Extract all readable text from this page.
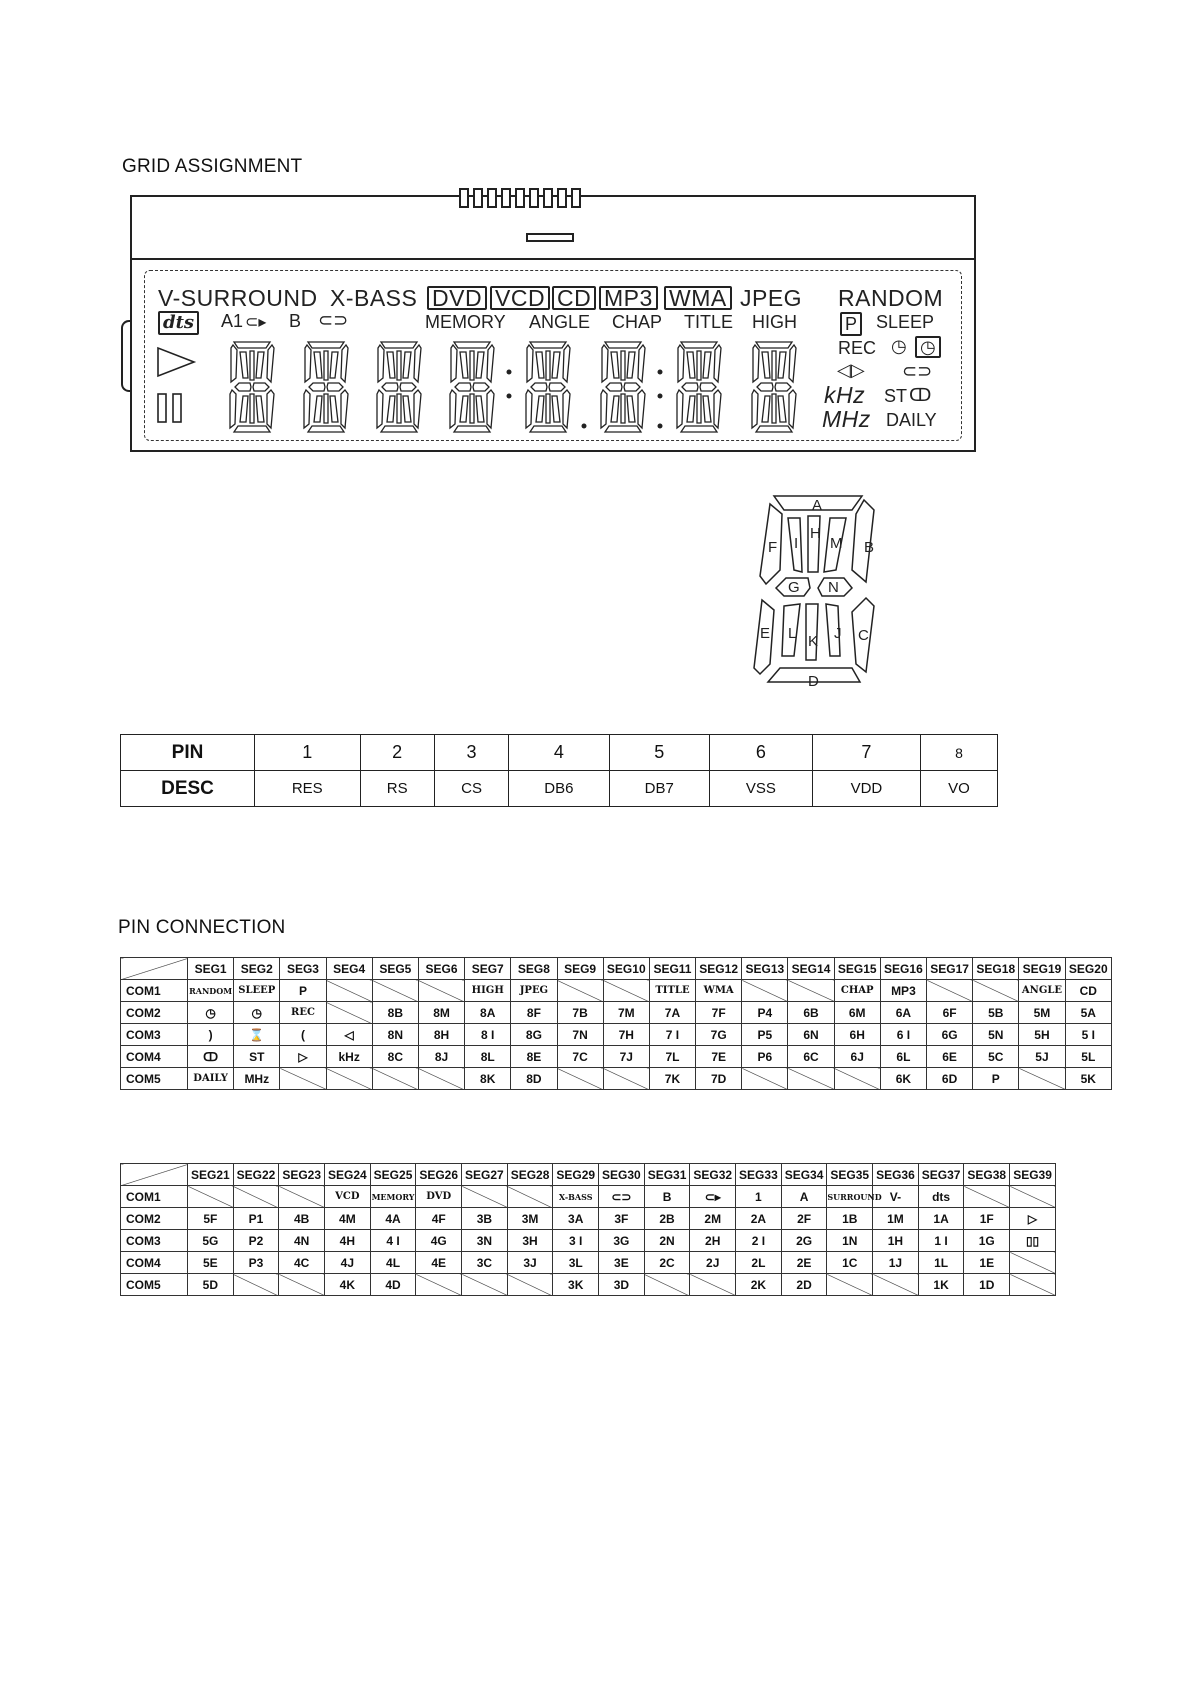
GRID ASSIGNMENT
V-SURROUND X-BASS DVD VCD CD MP3 WMA JPEG RANDOM
dts A1 ⊂▸ B ⊂⊃	MEMORY ANGLE CHAP TITLE HIGH	P SLEEP
REC ◷ ◷
◁▷ ⊂⊃
kHz ST ↀ
MHz DAILY
A
B
C
D
E
F
G
H
I
J
K
L
M
N
PIN	1	2	3	4	5	6	7	8
DESC	RES	RS	CS	DB6	DB7	VSS	VDD	VO
PIN CONNECTION
	SEG1	SEG2	SEG3	SEG4	SEG5	SEG6	SEG7	SEG8	SEG9	SEG10	SEG11	SEG12	SEG13	SEG14	SEG15	SEG16	SEG17	SEG18	SEG19	SEG20
COM1	RANDOM	SLEEP	P				HIGH	JPEG			TITLE	WMA			CHAP	MP3			ANGLE	CD
COM2	◷	◷	REC		8B	8M	8A	8F	7B	7M	7A	7F	P4	6B	6M	6A	6F	5B	5M	5A
COM3	)	⌛	(	◁	8N	8H	8 I	8G	7N	7H	7 I	7G	P5	6N	6H	6 I	6G	5N	5H	5 I
COM4	ↀ	ST	▷	kHz	8C	8J	8L	8E	7C	7J	7L	7E	P6	6C	6J	6L	6E	5C	5J	5L
COM5	DAILY	MHz					8K	8D			7K	7D				6K	6D	P		5K
	SEG21	SEG22	SEG23	SEG24	SEG25	SEG26	SEG27	SEG28	SEG29	SEG30	SEG31	SEG32	SEG33	SEG34	SEG35	SEG36	SEG37	SEG38	SEG39
COM1				VCD	MEMORY	DVD			X-BASS	⊂⊃	B	⊂▸	1	A	SURROUND	V-	dts		
COM2	5F	P1	4B	4M	4A	4F	3B	3M	3A	3F	2B	2M	2A	2F	1B	1M	1A	1F	▷
COM3	5G	P2	4N	4H	4 I	4G	3N	3H	3 I	3G	2N	2H	2 I	2G	1N	1H	1 I	1G	▯▯
COM4	5E	P3	4C	4J	4L	4E	3C	3J	3L	3E	2C	2J	2L	2E	1C	1J	1L	1E	
COM5	5D			4K	4D				3K	3D			2K	2D			1K	1D	
